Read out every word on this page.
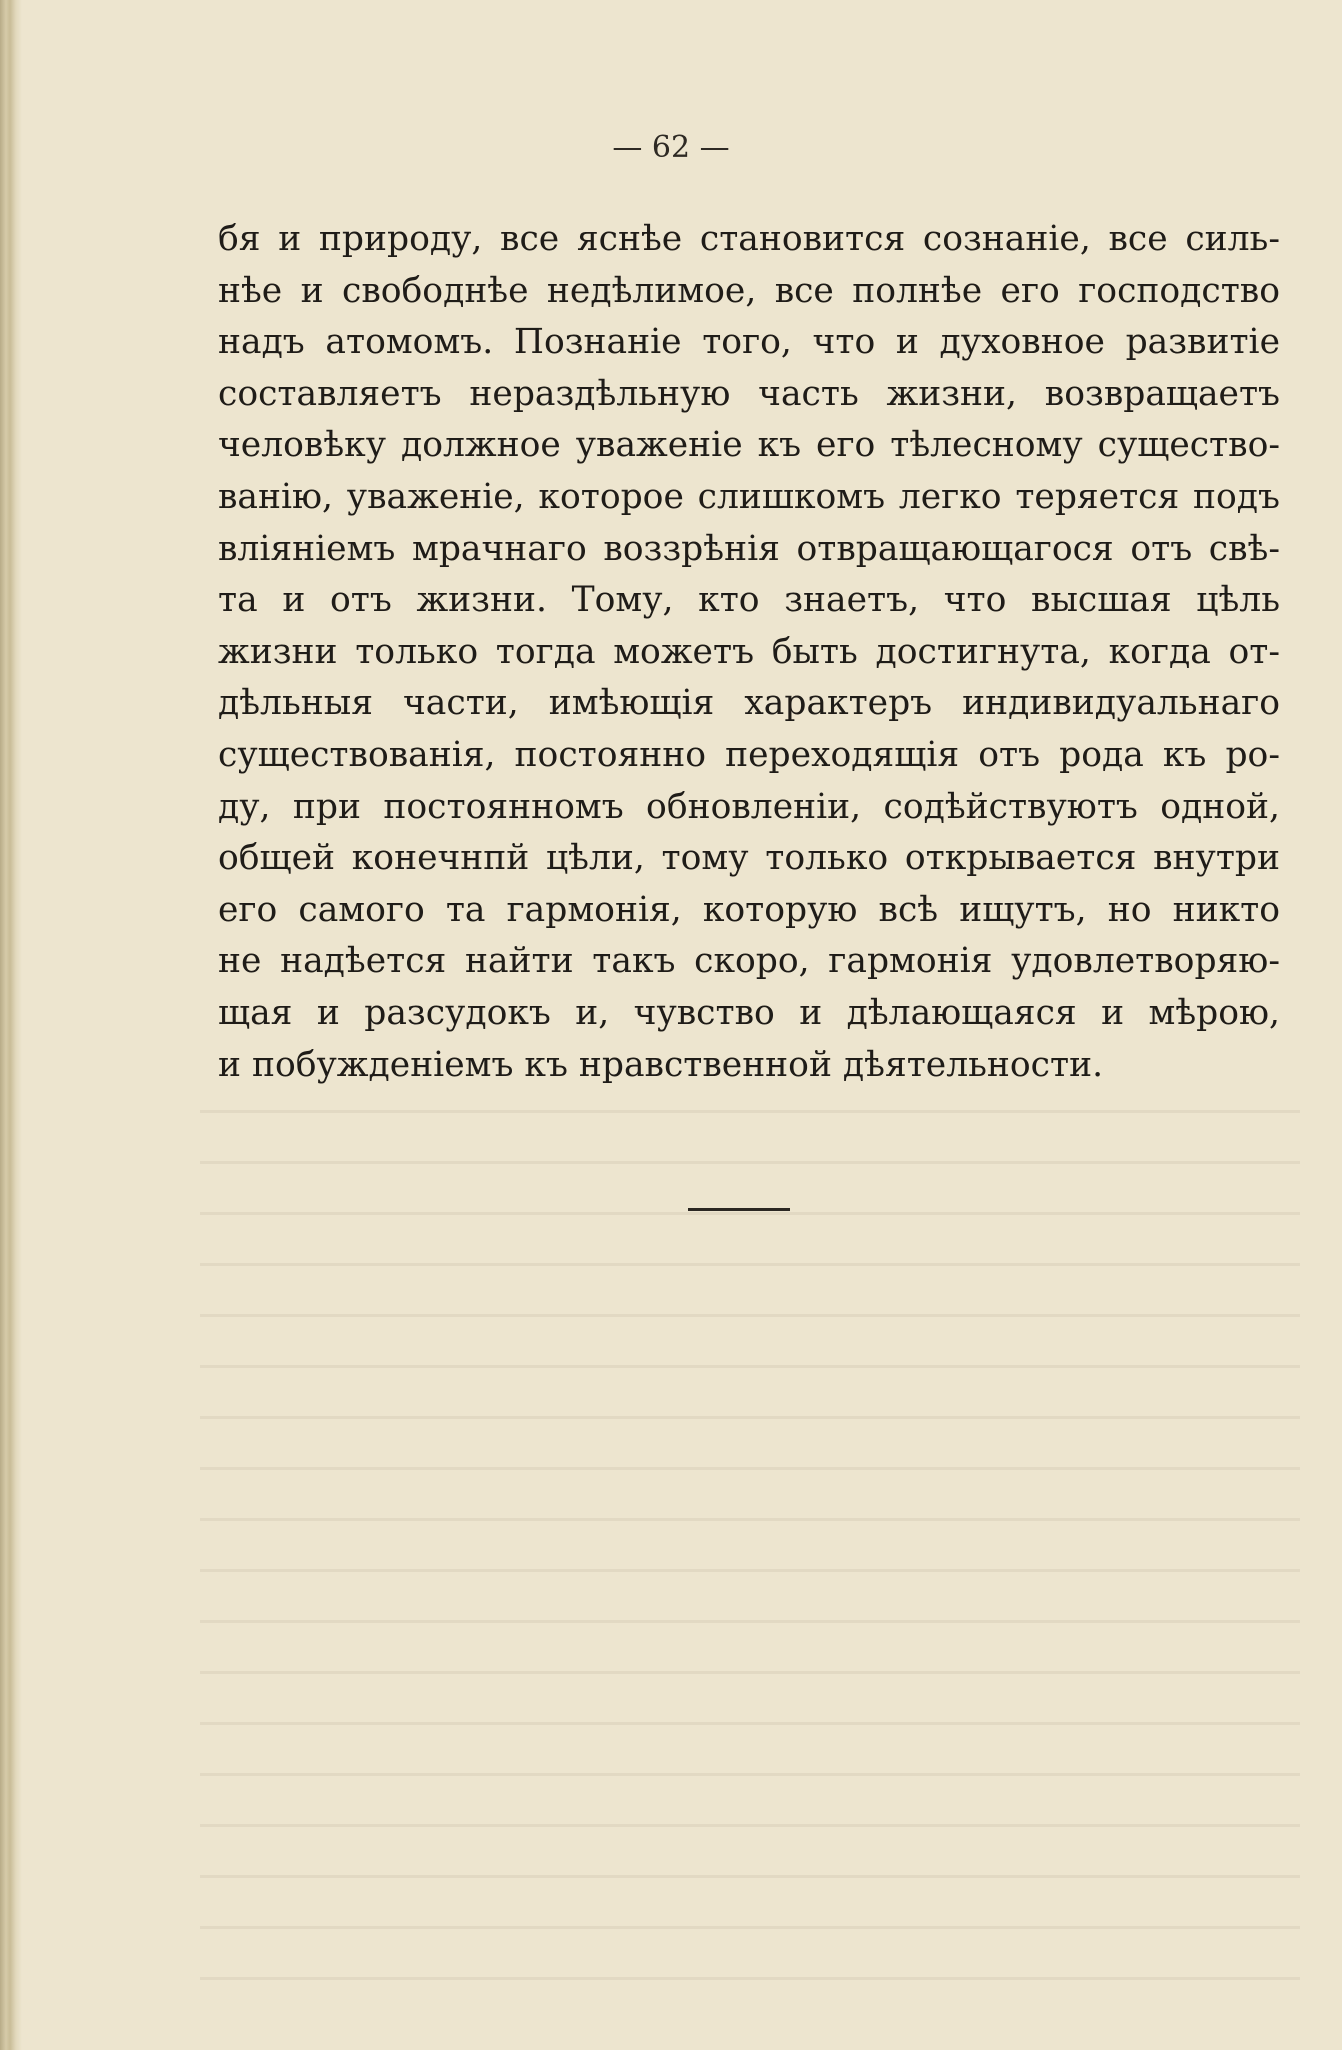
— 62 —
бя и природу, все яснѣе становится сознаніе, все силь-
нѣе и свободнѣе недѣлимое, все полнѣе его господство
надъ атомомъ. Познаніе того, что и духовное развитіе
составляетъ нераздѣльную часть жизни, возвращаетъ
человѣку должное уваженіе къ его тѣлесному существо-
ванію, уваженіе, которое слишкомъ легко теряется подъ
вліяніемъ мрачнаго воззрѣнія отвращающагося отъ свѣ-
та и отъ жизни. Тому, кто знаетъ, что высшая цѣль
жизни только тогда можетъ быть достигнута, когда от-
дѣльныя части, имѣющія характеръ индивидуальнаго
существованія, постоянно переходящія отъ рода къ ро-
ду, при постоянномъ обновленіи, содѣйствуютъ одной,
общей конечнпй цѣли, тому только открывается внутри
его самого та гармонія, которую всѣ ищутъ, но никто
не надѣется найти такъ скоро, гармонія удовлетворяю-
щая и разсудокъ и, чувство и дѣлающаяся и мѣрою,
и побужденіемъ къ нравственной дѣятельности.
